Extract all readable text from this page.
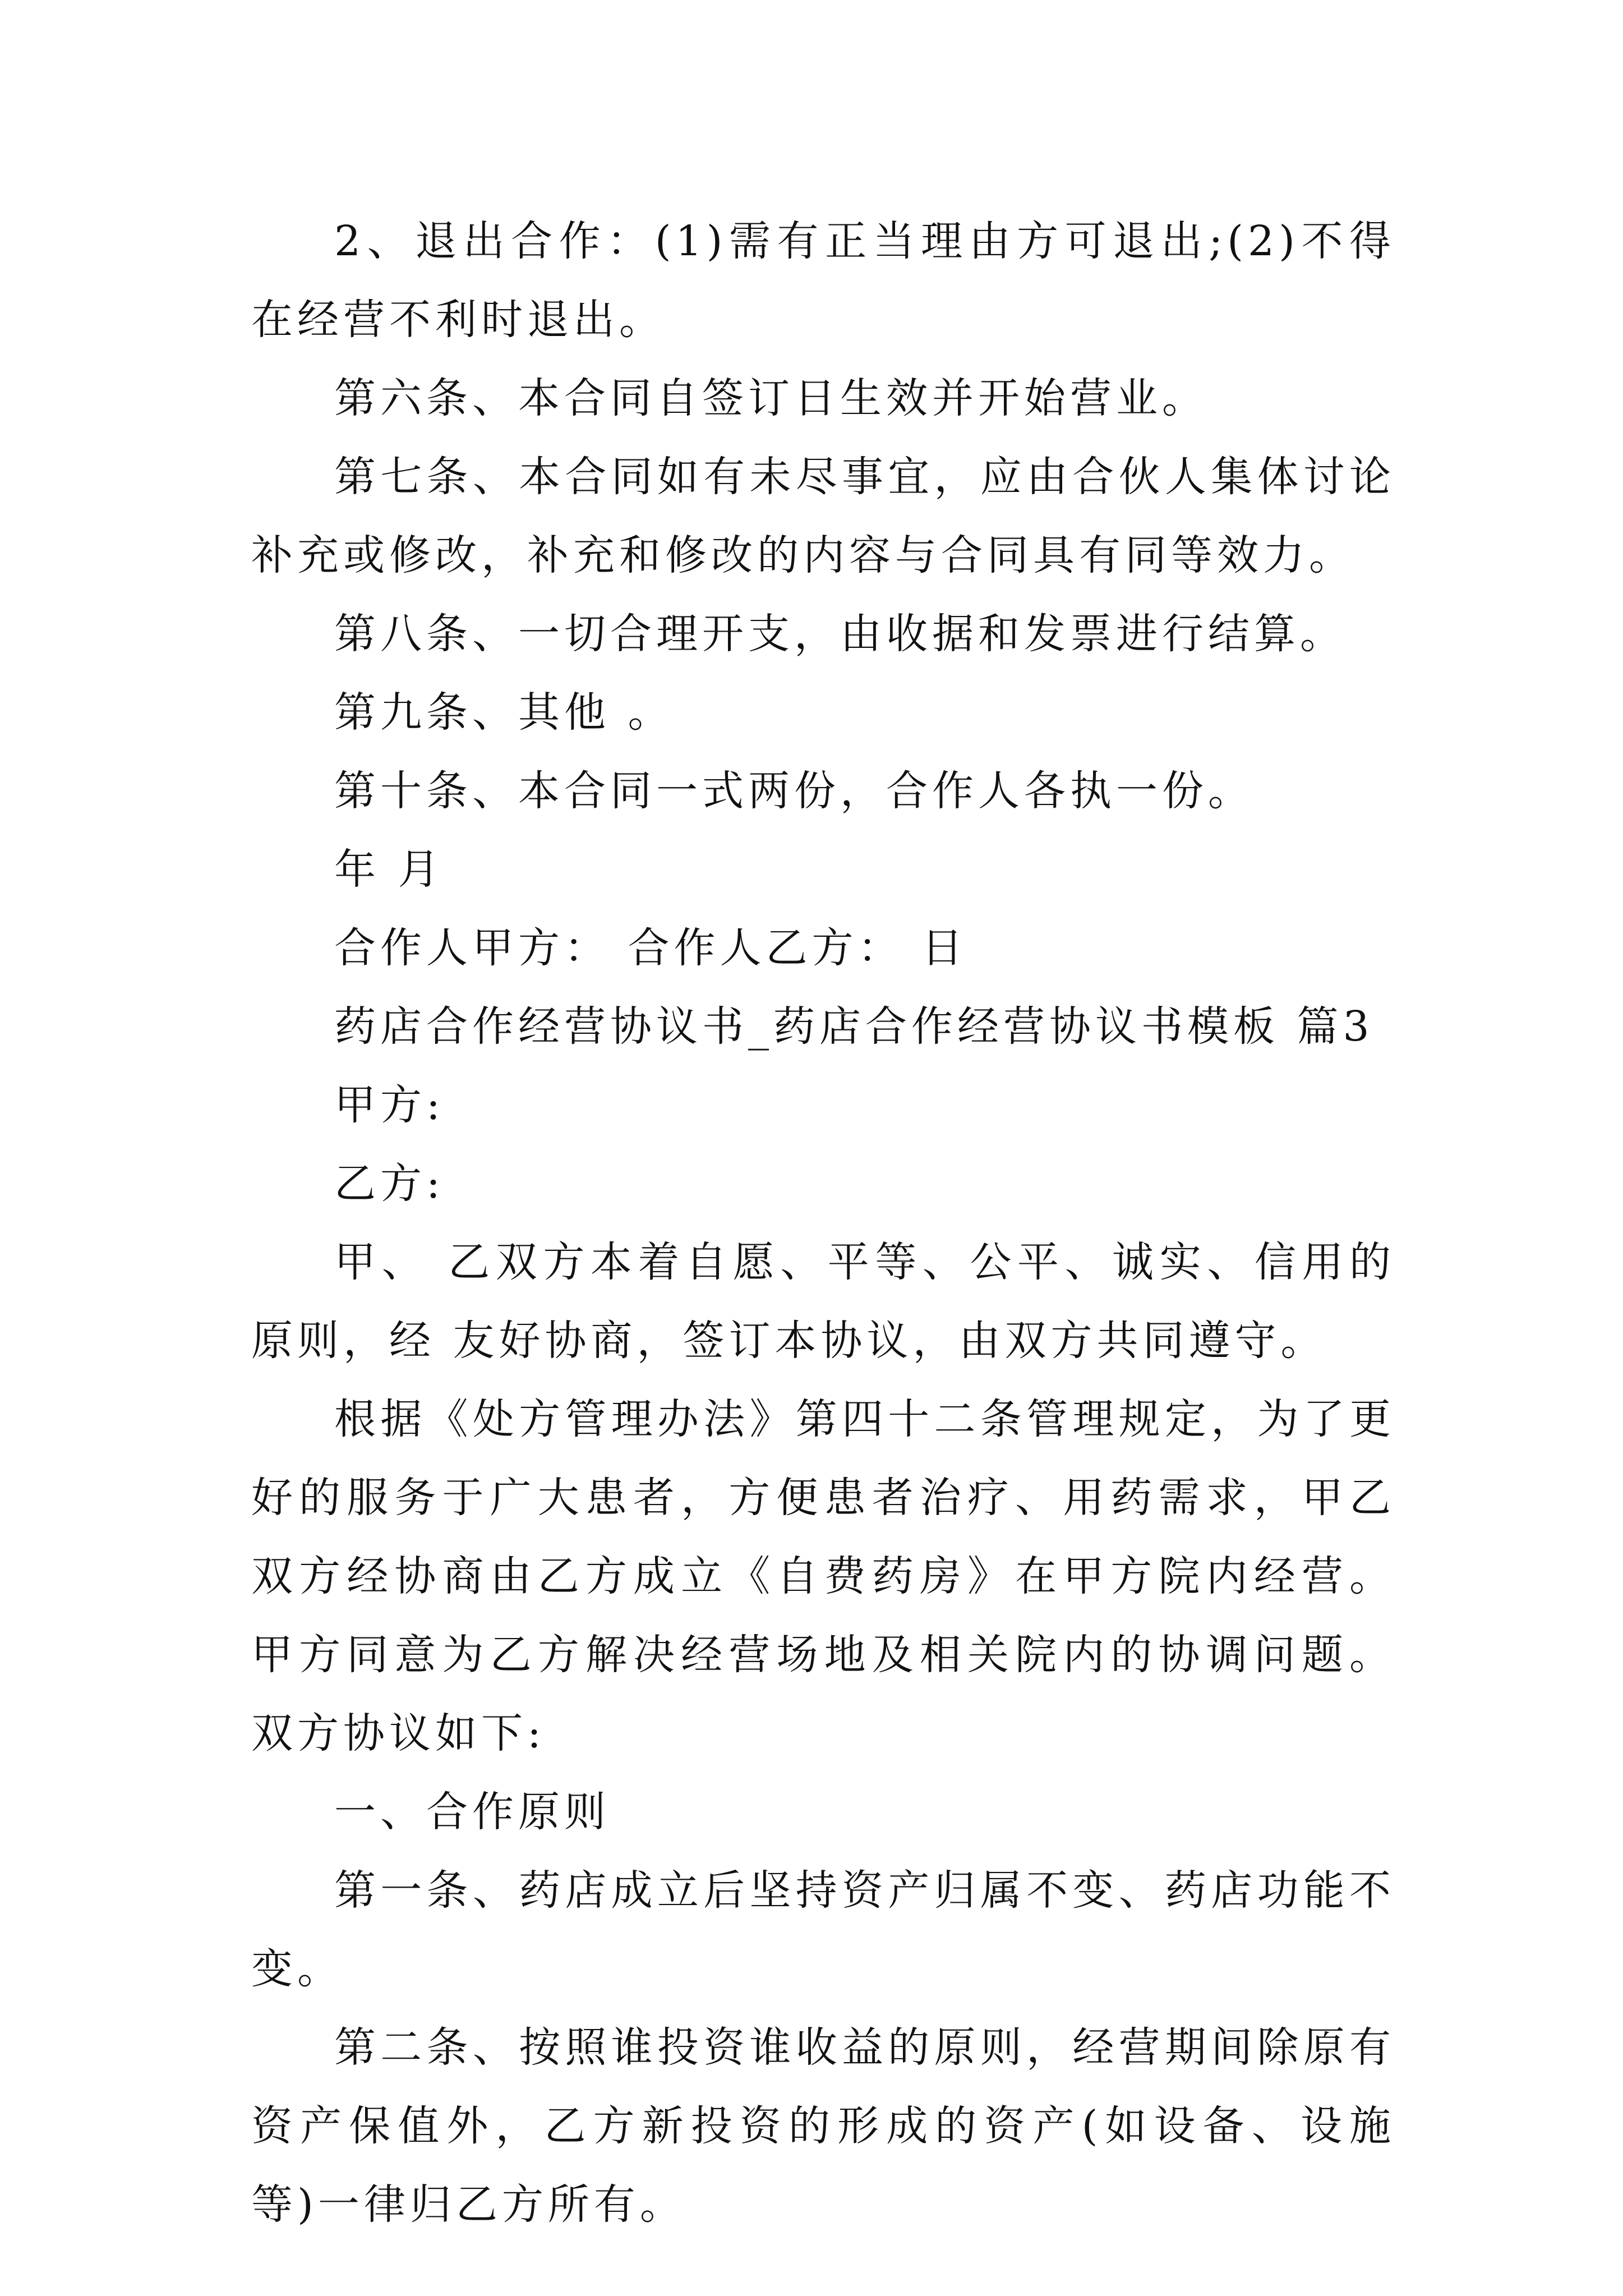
2、退出合作：(1)需有正当理由方可退出;(2)不得在经营不利时退出。

第六条、本合同自签订日生效并开始营业。

第七条、本合同如有未尽事宜，应由合伙人集体讨论补充或修改，补充和修改的内容与合同具有同等效力。

第八条、一切合理开支，由收据和发票进行结算。

第九条、其他 。

第十条、本合同一式两份，合作人各执一份。

年 月

合作人甲方： 合作人乙方： 日

药店合作经营协议书_药店合作经营协议书模板 篇3

甲方:

乙方:

甲、 乙双方本着自愿、平等、公平、诚实、信用的原则，经 友好协商，签订本协议，由双方共同遵守。

根据《处方管理办法》第四十二条管理规定，为了更好的服务于广大患者，方便患者治疗、用药需求，甲乙双方经协商由乙方成立《自费药房》在甲方院内经营。甲方同意为乙方解决经营场地及相关院内的协调问题。双方协议如下:

一、合作原则

第一条、药店成立后坚持资产归属不变、药店功能不变。

第二条、按照谁投资谁收益的原则，经营期间除原有资产保值外，乙方新投资的形成的资产(如设备、设施等)一律归乙方所有。
